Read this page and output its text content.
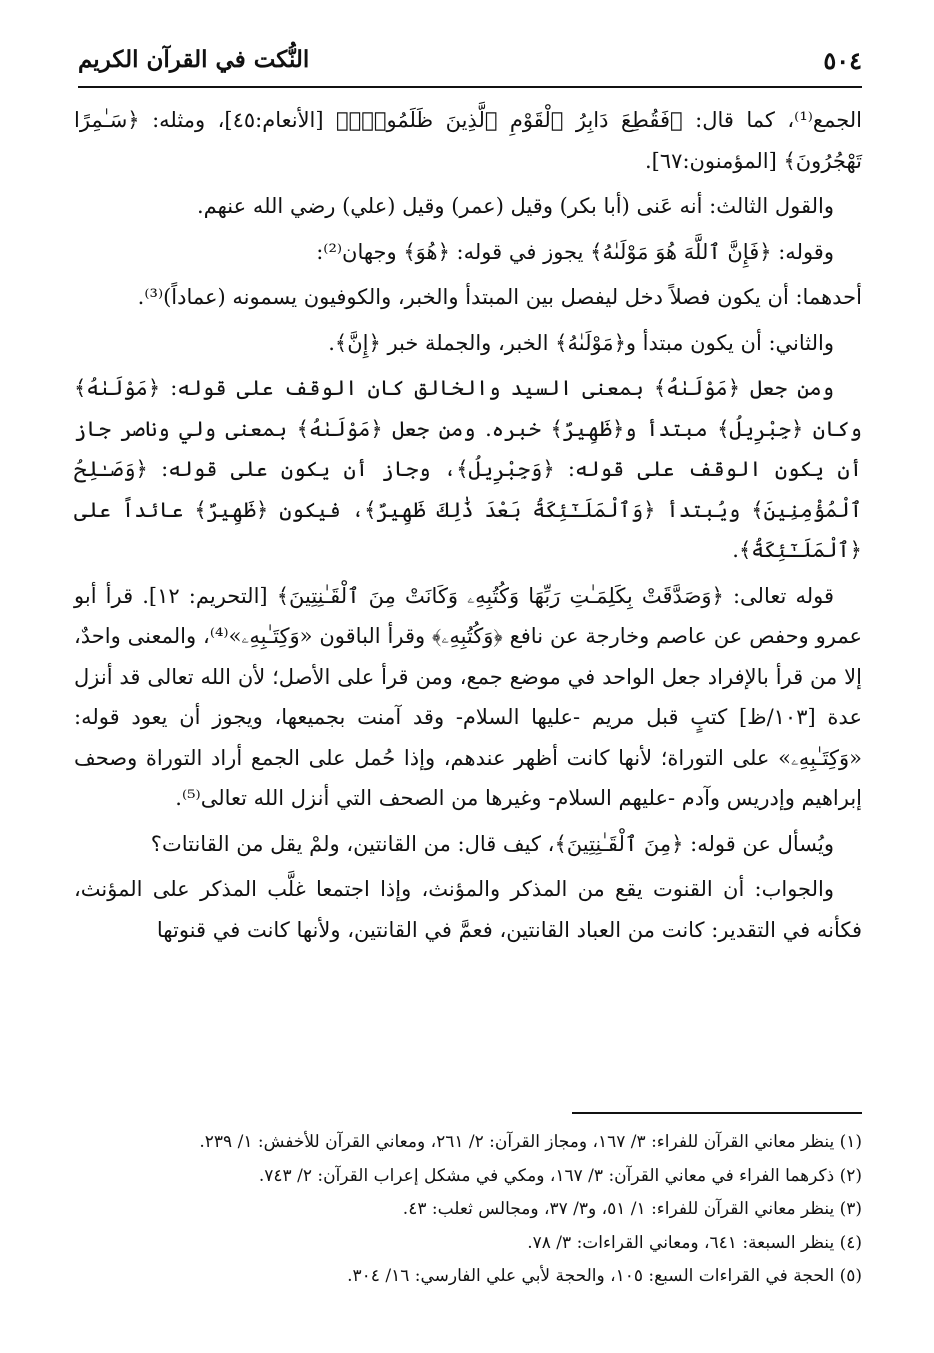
٥٠٤
النُّكت في القرآن الكريم

الجمع⁽¹⁾، كما قال: ﴿فَقُطِعَ دَابِرُ ٱلْقَوْمِ ٱلَّذِينَ ظَلَمُوا۟ۚ﴾ [الأنعام:٤٥]، ومثله: ﴿سَـٰمِرًا تَهْجُرُونَ﴾ [المؤمنون:٦٧].

والقول الثالث: أنه عَنى (أبا بكر) وقيل (عمر) وقيل (علي) رضي الله عنهم.

وقوله: ﴿فَإِنَّ ٱللَّهَ هُوَ مَوْلَىٰهُ﴾ يجوز في قوله: ﴿هُوَ﴾ وجهان⁽²⁾:

أحدهما: أن يكون فصلاً دخل ليفصل بين المبتدأ والخبر، والكوفيون يسمونه (عماداً)⁽³⁾.

والثاني: أن يكون مبتدأ و﴿مَوْلَىٰهُ﴾ الخبر، والجملة خبر ﴿إِنَّ﴾.

ومن جعل ﴿مَوْلَىٰهُ﴾ بمعنى السيد والخالق كان الوقف على قوله: ﴿مَوْلَىٰهُ﴾ وكان ﴿جِبْرِيلُ﴾ مبتدأ و﴿ظَهِيرٌ﴾ خبره. ومن جعل ﴿مَوْلَىٰهُ﴾ بمعنى ولي وناصر جاز أن يكون الوقف على قوله: ﴿وَجِبْرِيلُ﴾، وجاز أن يكون على قوله: ﴿وَصَـٰلِحُ ٱلْمُؤْمِنِينَ﴾ ويُبتدأ ﴿وَٱلْمَلَـٰٓئِكَةُ بَعْدَ ذَٰلِكَ ظَهِيرٌ﴾، فيكون ﴿ظَهِيرٌ﴾ عائداً على ﴿ٱلْمَلَـٰٓئِكَةُ﴾.

قوله تعالى: ﴿وَصَدَّقَتْ بِكَلِمَـٰتِ رَبِّهَا وَكُتُبِهِۦ وَكَانَتْ مِنَ ٱلْقَـٰنِتِينَ﴾ [التحريم: ١٢]. قرأ أبو عمرو وحفص عن عاصم وخارجة عن نافع ﴿وَكُتُبِهِۦ﴾ وقرأ الباقون «وَكِتَـٰبِهِۦ»⁽⁴⁾، والمعنى واحدٌ، إلا من قرأ بالإفراد جعل الواحد في موضع جمع، ومن قرأ على الأصل؛ لأن الله تعالى قد أنزل عدة [١٠٣/ظ] كتبٍ قبل مريم -عليها السلام- وقد آمنت بجميعها، ويجوز أن يعود قوله: «وَكِتَـٰبِهِۦ» على التوراة؛ لأنها كانت أظهر عندهم، وإذا حُمل على الجمع أراد التوراة وصحف إبراهيم وإدريس وآدم -عليهم السلام- وغيرها من الصحف التي أنزل الله تعالى⁽⁵⁾.

ويُسأل عن قوله: ﴿مِنَ ٱلْقَـٰنِتِينَ﴾، كيف قال: من القانتين، ولمْ يقل من القانتات؟

والجواب: أن القنوت يقع من المذكر والمؤنث، وإذا اجتمعا غلَّب المذكر على المؤنث، فكأنه في التقدير: كانت من العباد القانتين، فعمَّ في القانتين، ولأنها كانت في قنوتها

(١) ينظر معاني القرآن للفراء: ٣/ ١٦٧، ومجاز القرآن: ٢/ ٢٦١، ومعاني القرآن للأخفش: ١/ ٢٣٩.
(٢) ذكرهما الفراء في معاني القرآن: ٣/ ١٦٧، ومكي في مشكل إعراب القرآن: ٢/ ٧٤٣.
(٣) ينظر معاني القرآن للفراء: ١/ ٥١، و٣/ ٣٧، ومجالس ثعلب: ٤٣.
(٤) ينظر السبعة: ٦٤١، ومعاني القراءات: ٣/ ٧٨.
(٥) الحجة في القراءات السبع: ١٠٥، والحجة لأبي علي الفارسي: ١٦/ ٣٠٤.
